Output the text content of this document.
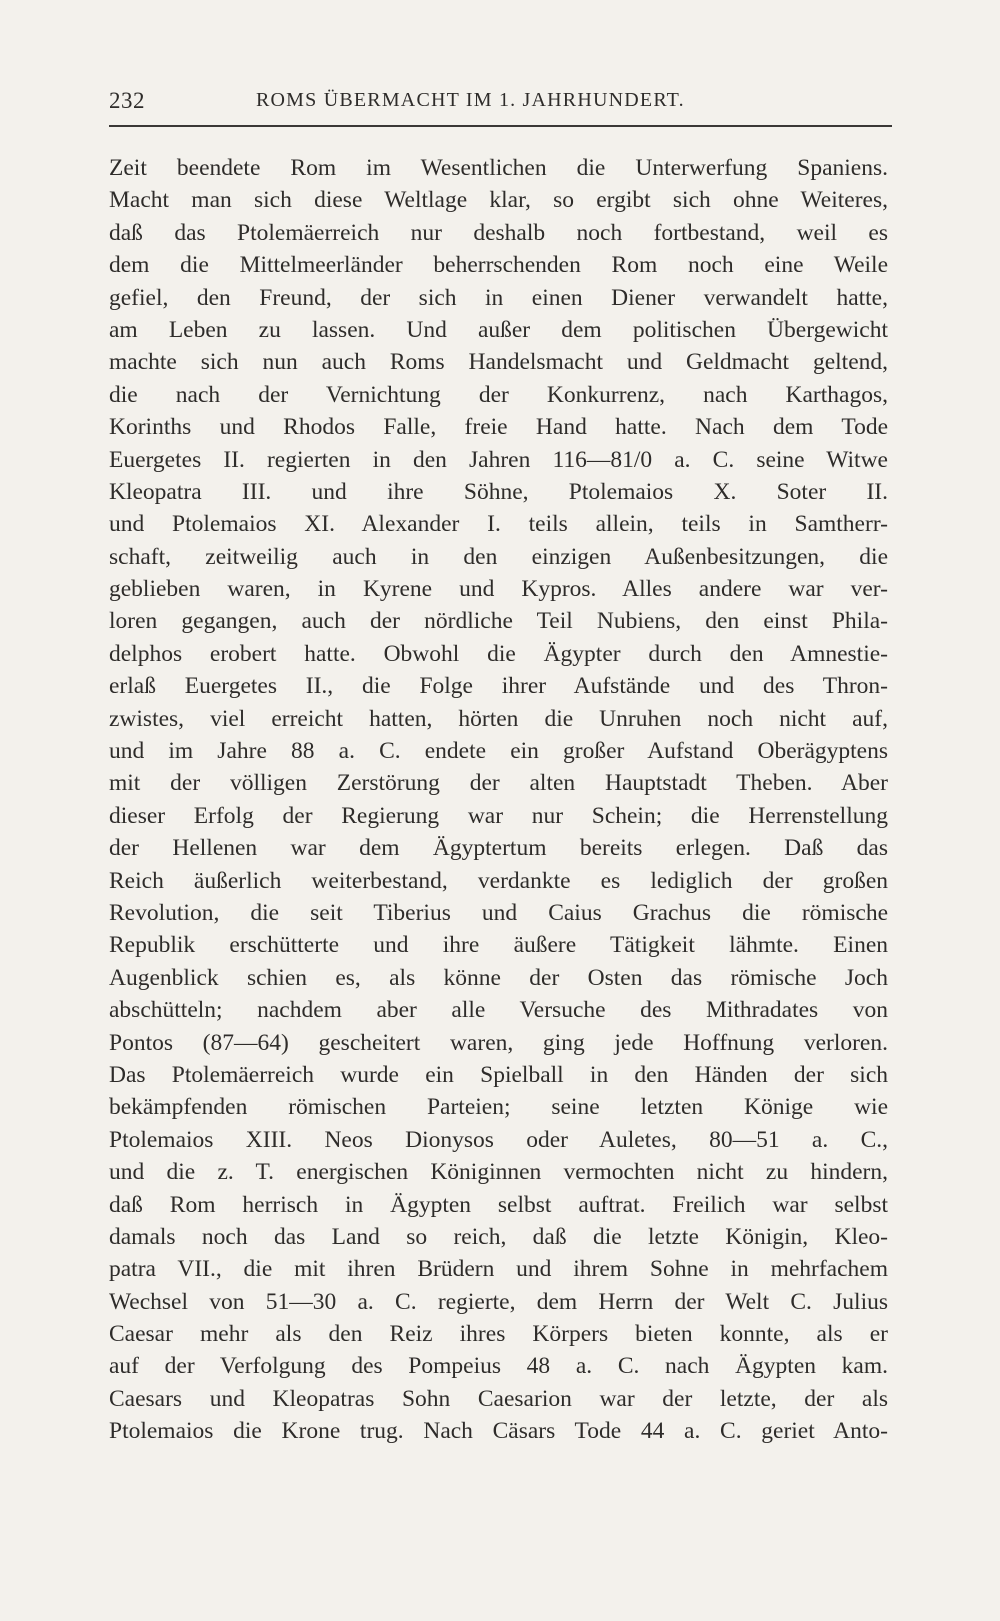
232	ROMS ÜBERMACHT IM 1. JAHRHUNDERT.
Zeit beendete Rom im Wesentlichen die Unterwerfung Spaniens.
Macht man sich diese Weltlage klar, so ergibt sich ohne Weiteres,
daß das Ptolemäerreich nur deshalb noch fortbestand, weil es
dem die Mittelmeerländer beherrschenden Rom noch eine Weile
gefiel, den Freund, der sich in einen Diener verwandelt hatte,
am Leben zu lassen. Und außer dem politischen Übergewicht
machte sich nun auch Roms Handelsmacht und Geldmacht geltend,
die nach der Vernichtung der Konkurrenz, nach Karthagos,
Korinths und Rhodos Falle, freie Hand hatte. Nach dem Tode
Euergetes II. regierten in den Jahren 116—81/0 a. C. seine Witwe
Kleopatra III. und ihre Söhne, Ptolemaios X. Soter II.
und Ptolemaios XI. Alexander I. teils allein, teils in Samtherr-
schaft, zeitweilig auch in den einzigen Außenbesitzungen, die
geblieben waren, in Kyrene und Kypros. Alles andere war ver-
loren gegangen, auch der nördliche Teil Nubiens, den einst Phila-
delphos erobert hatte. Obwohl die Ägypter durch den Amnestie-
erlaß Euergetes II., die Folge ihrer Aufstände und des Thron-
zwistes, viel erreicht hatten, hörten die Unruhen noch nicht auf,
und im Jahre 88 a. C. endete ein großer Aufstand Oberägyptens
mit der völligen Zerstörung der alten Hauptstadt Theben. Aber
dieser Erfolg der Regierung war nur Schein; die Herrenstellung
der Hellenen war dem Ägyptertum bereits erlegen. Daß das
Reich äußerlich weiterbestand, verdankte es lediglich der großen
Revolution, die seit Tiberius und Caius Grachus die römische
Republik erschütterte und ihre äußere Tätigkeit lähmte. Einen
Augenblick schien es, als könne der Osten das römische Joch
abschütteln; nachdem aber alle Versuche des Mithradates von
Pontos (87—64) gescheitert waren, ging jede Hoffnung verloren.
Das Ptolemäerreich wurde ein Spielball in den Händen der sich
bekämpfenden römischen Parteien; seine letzten Könige wie
Ptolemaios XIII. Neos Dionysos oder Auletes, 80—51 a. C.,
und die z. T. energischen Königinnen vermochten nicht zu hindern,
daß Rom herrisch in Ägypten selbst auftrat. Freilich war selbst
damals noch das Land so reich, daß die letzte Königin, Kleo-
patra VII., die mit ihren Brüdern und ihrem Sohne in mehrfachem
Wechsel von 51—30 a. C. regierte, dem Herrn der Welt C. Julius
Caesar mehr als den Reiz ihres Körpers bieten konnte, als er
auf der Verfolgung des Pompeius 48 a. C. nach Ägypten kam.
Caesars und Kleopatras Sohn Caesarion war der letzte, der als
Ptolemaios die Krone trug. Nach Cäsars Tode 44 a. C. geriet Anto-
